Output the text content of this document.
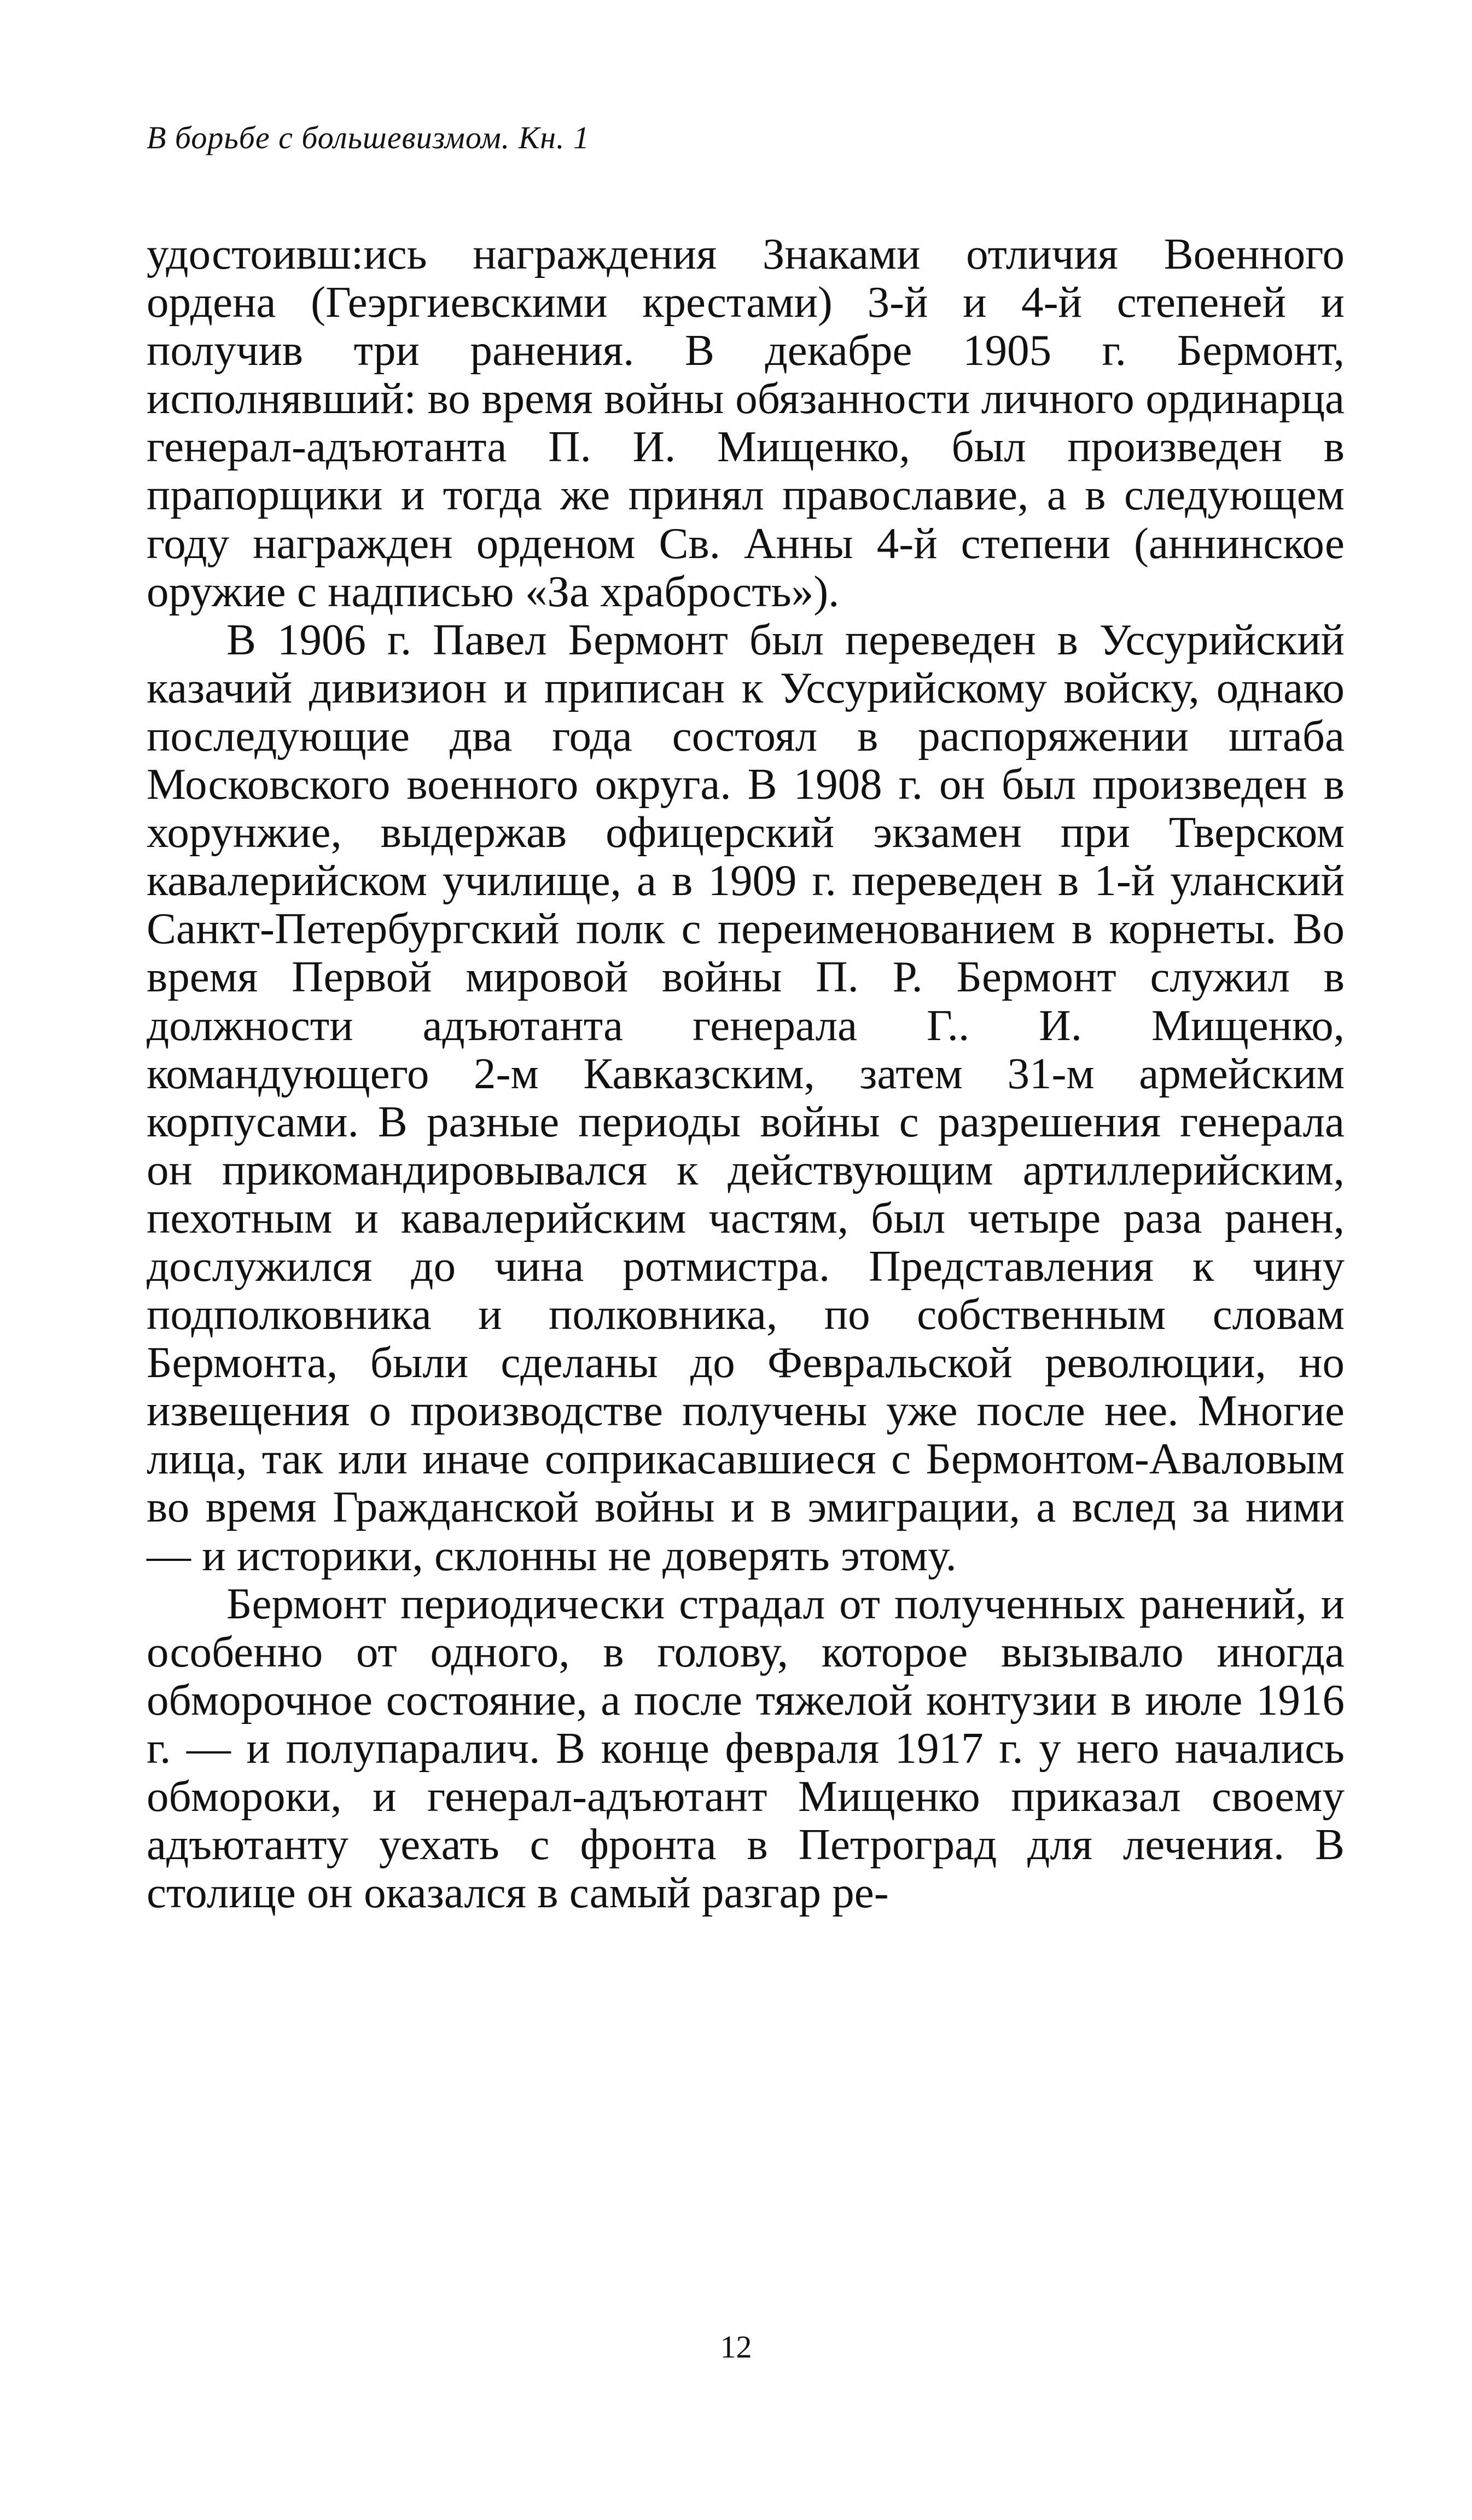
В борьбе с большевизмом. Кн. 1

удостоивш:ись награждения Знаками отличия Военного ордена (Геэргиевскими крестами) 3-й и 4-й степеней и получив три ранения. В декабре 1905 г. Бермонт, исполнявший: во время войны обязанности личного ординарца генерал-адъютанта П. И. Мищенко, был произведен в прапорщики и тогда же принял православие, а в следующем году награжден орденом Св. Анны 4-й степени (аннинское оружие с надписью «За храбрость»).

В 1906 г. Павел Бермонт был переведен в Уссурийский казачий дивизион и приписан к Уссурийскому войску, однако последующие два года состоял в распоряжении штаба Московского военного округа. В 1908 г. он был произведен в хорунжие, выдержав офицерский экзамен при Тверском кавалерийском училище, а в 1909 г. переведен в 1-й уланский Санкт-Петербургский полк с переименованием в корнеты. Во время Первой мировой войны П. Р. Бермонт служил в должности адъютанта генерала Г.. И. Мищенко, командующего 2-м Кавказским, затем 31-м армейским корпусами. В разные периоды войны с разрешения генерала он прикомандировывался к действующим артиллерийским, пехотным и кавалерийским частям, был четыре раза ранен, дослужился до чина ротмистра. Представления к чину подполковника и полковника, по собственным словам Бермонта, были сделаны до Февральской революции, но извещения о производстве получены уже после нее. Многие лица, так или иначе соприкасавшиеся с Бермонтом-Аваловым во время Гражданской войны и в эмиграции, а вслед за ними — и историки, склонны не доверять этому.

Бермонт периодически страдал от полученных ранений, и особенно от одного, в голову, которое вызывало иногда обморочное состояние, а после тяжелой контузии в июле 1916 г. — и полупаралич. В конце февраля 1917 г. у него начались обмороки, и генерал-адъютант Мищенко приказал своему адъютанту уехать с фронта в Петроград для лечения. В столице он оказался в самый разгар ре-

12
